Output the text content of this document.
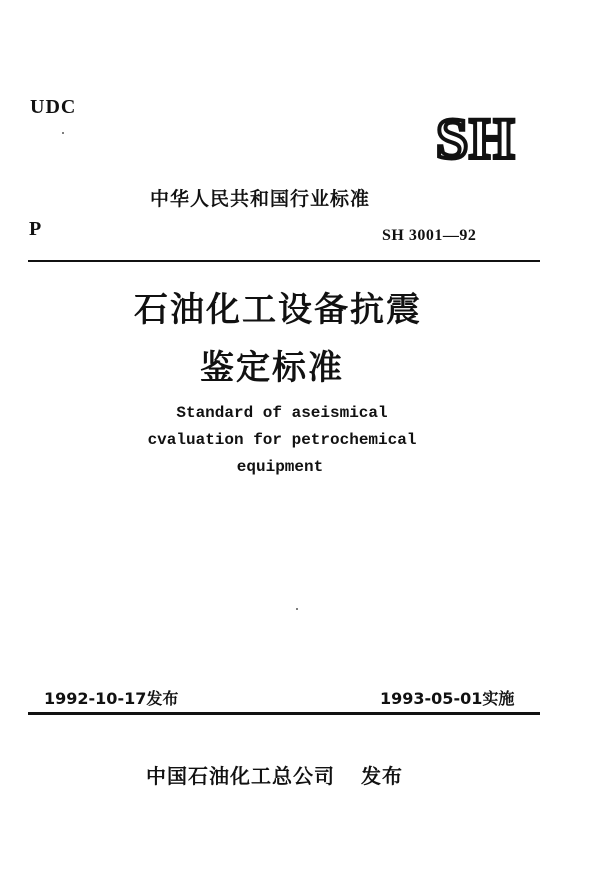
UDC	SH
中华人民共和国行业标准
P	SH 3001—92
石油化工设备抗震
鉴定标准
Standard of aseismical
cvaluation for petrochemical
equipment
1992-10-17发布	1993-05-01实施
中国石油化工总公司 发布
